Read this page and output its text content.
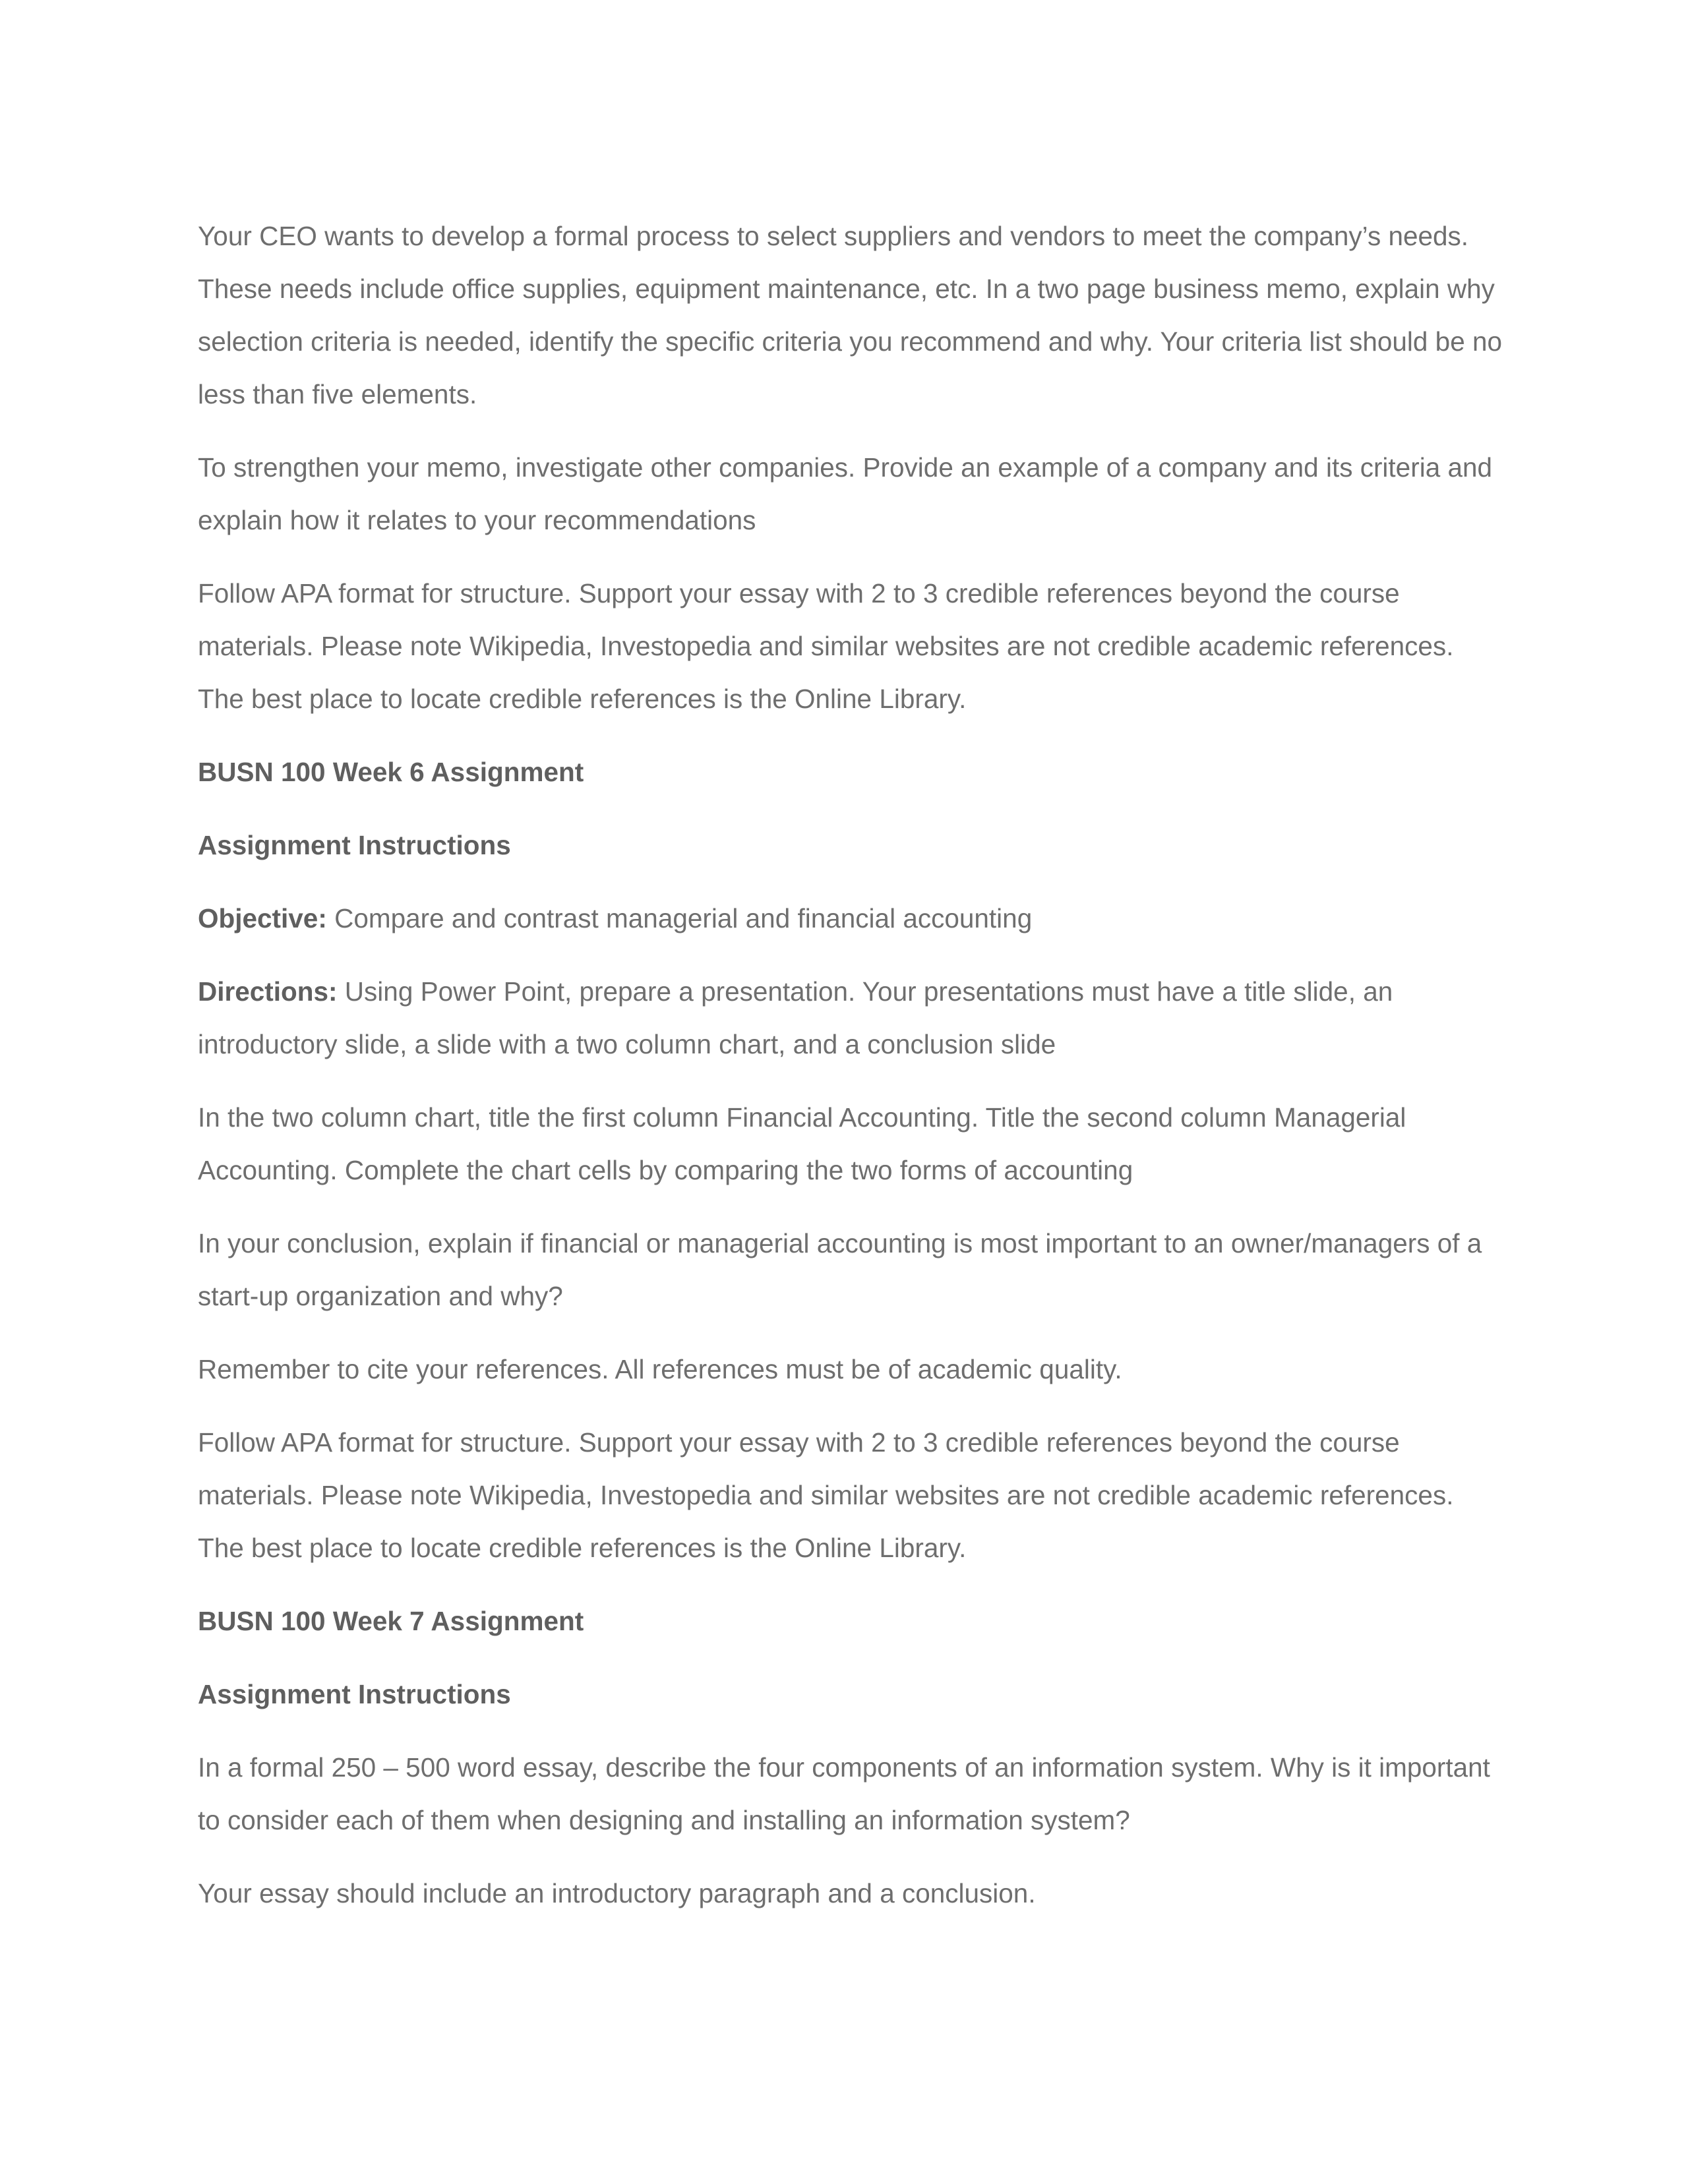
Your CEO wants to develop a formal process to select suppliers and vendors to meet the company’s needs. These needs include office supplies, equipment maintenance, etc. In a two page business memo, explain why selection criteria is needed, identify the specific criteria you recommend and why. Your criteria list should be no less than five elements.

To strengthen your memo, investigate other companies. Provide an example of a company and its criteria and explain how it relates to your recommendations

Follow APA format for structure. Support your essay with 2 to 3 credible references beyond the course materials. Please note Wikipedia, Investopedia and similar websites are not credible academic references. The best place to locate credible references is the Online Library.

BUSN 100 Week 6 Assignment

Assignment Instructions

Objective: Compare and contrast managerial and financial accounting

Directions: Using Power Point, prepare a presentation. Your presentations must have a title slide, an introductory slide, a slide with a two column chart, and a conclusion slide

In the two column chart, title the first column Financial Accounting. Title the second column Managerial Accounting. Complete the chart cells by comparing the two forms of accounting

In your conclusion, explain if financial or managerial accounting is most important to an owner/managers of a start-up organization and why?

Remember to cite your references. All references must be of academic quality.

Follow APA format for structure. Support your essay with 2 to 3 credible references beyond the course materials. Please note Wikipedia, Investopedia and similar websites are not credible academic references. The best place to locate credible references is the Online Library.

BUSN 100 Week 7 Assignment

Assignment Instructions

In a formal 250 – 500 word essay, describe the four components of an information system. Why is it important to consider each of them when designing and installing an information system?

Your essay should include an introductory paragraph and a conclusion.
